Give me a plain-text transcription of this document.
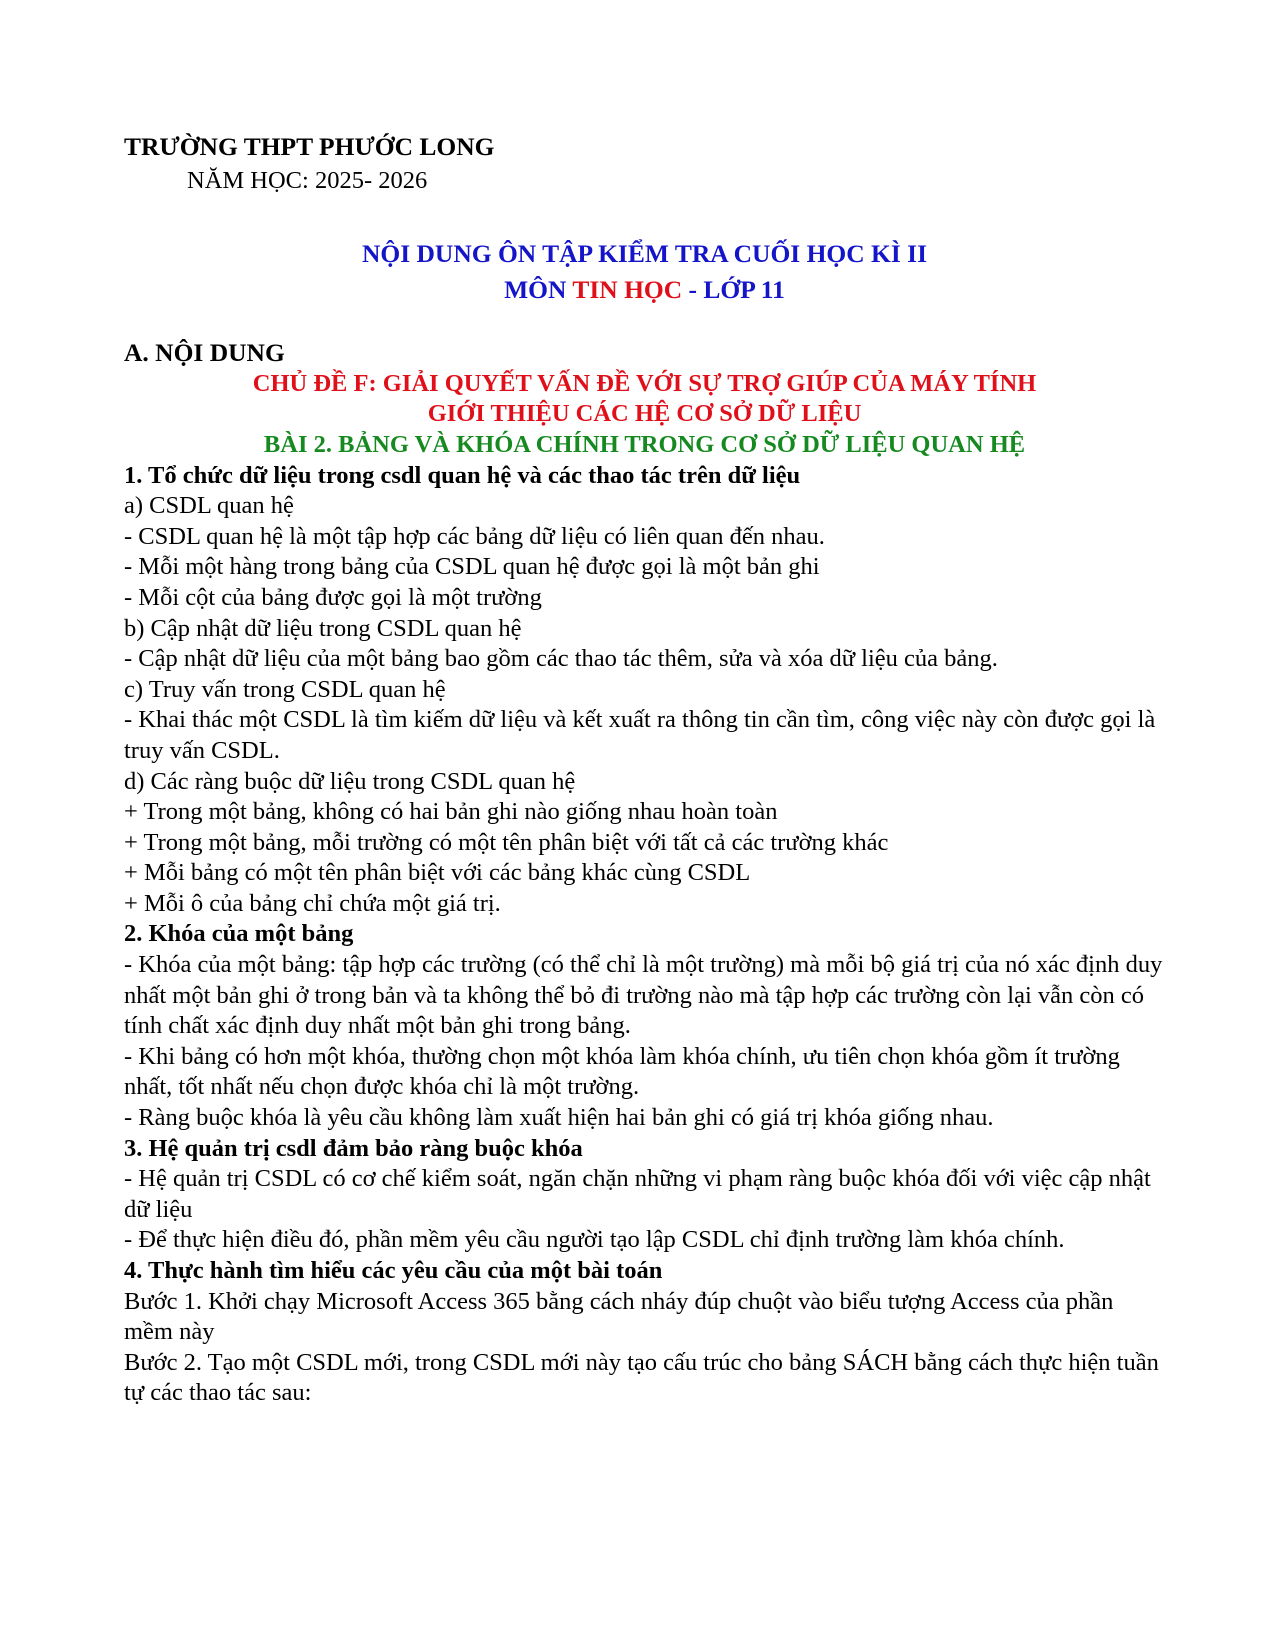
TRƯỜNG THPT PHƯỚC LONG
NĂM HỌC: 2025- 2026
NỘI DUNG ÔN TẬP KIỂM TRA CUỐI HỌC KÌ II
MÔN TIN HỌC - LỚP 11
A. NỘI DUNG
CHỦ ĐỀ F: GIẢI QUYẾT VẤN ĐỀ VỚI SỰ TRỢ GIÚP CỦA MÁY TÍNH
GIỚI THIỆU CÁC HỆ CƠ SỞ DỮ LIỆU
BÀI 2. BẢNG VÀ KHÓA CHÍNH TRONG CƠ SỞ DỮ LIỆU QUAN HỆ
1. Tổ chức dữ liệu trong csdl quan hệ và các thao tác trên dữ liệu
a) CSDL quan hệ
- CSDL quan hệ là một tập hợp các bảng dữ liệu có liên quan đến nhau.
- Mỗi một hàng trong bảng của CSDL quan hệ được gọi là một bản ghi
- Mỗi cột của bảng được gọi là một trường
b) Cập nhật dữ liệu trong CSDL quan hệ
- Cập nhật dữ liệu của một bảng bao gồm các thao tác thêm, sửa và xóa dữ liệu của bảng.
c) Truy vấn trong CSDL quan hệ
- Khai thác một CSDL là tìm kiếm dữ liệu và kết xuất ra thông tin cần tìm, công việc này còn được gọi là truy vấn CSDL.
d) Các ràng buộc dữ liệu trong CSDL quan hệ
+ Trong một bảng, không có hai bản ghi nào giống nhau hoàn toàn
+ Trong một bảng, mỗi trường có một tên phân biệt với tất cả các trường khác
+ Mỗi bảng có một tên phân biệt với các bảng khác cùng CSDL
+ Mỗi ô của bảng chỉ chứa một giá trị.
2. Khóa của một bảng
- Khóa của một bảng: tập hợp các trường (có thể chỉ là một trường) mà mỗi bộ giá trị của nó xác định duy nhất một bản ghi ở trong bản và ta không thể bỏ đi trường nào mà tập hợp các trường còn lại vẫn còn có tính chất xác định duy nhất một bản ghi trong bảng.
- Khi bảng có hơn một khóa, thường chọn một khóa làm khóa chính, ưu tiên chọn khóa gồm ít trường nhất, tốt nhất nếu chọn được khóa chỉ là một trường.
- Ràng buộc khóa là yêu cầu không làm xuất hiện hai bản ghi có giá trị khóa giống nhau.
3. Hệ quản trị csdl đảm bảo ràng buộc khóa
- Hệ quản trị CSDL có cơ chế kiểm soát, ngăn chặn những vi phạm ràng buộc khóa đối với việc cập nhật dữ liệu
- Để thực hiện điều đó, phần mềm yêu cầu người tạo lập CSDL chỉ định trường làm khóa chính.
4. Thực hành tìm hiểu các yêu cầu của một bài toán
Bước 1. Khởi chạy Microsoft Access 365 bằng cách nháy đúp chuột vào biểu tượng Access của phần mềm này
Bước 2. Tạo một CSDL mới, trong CSDL mới này tạo cấu trúc cho bảng SÁCH bằng cách thực hiện tuần tự các thao tác sau:
